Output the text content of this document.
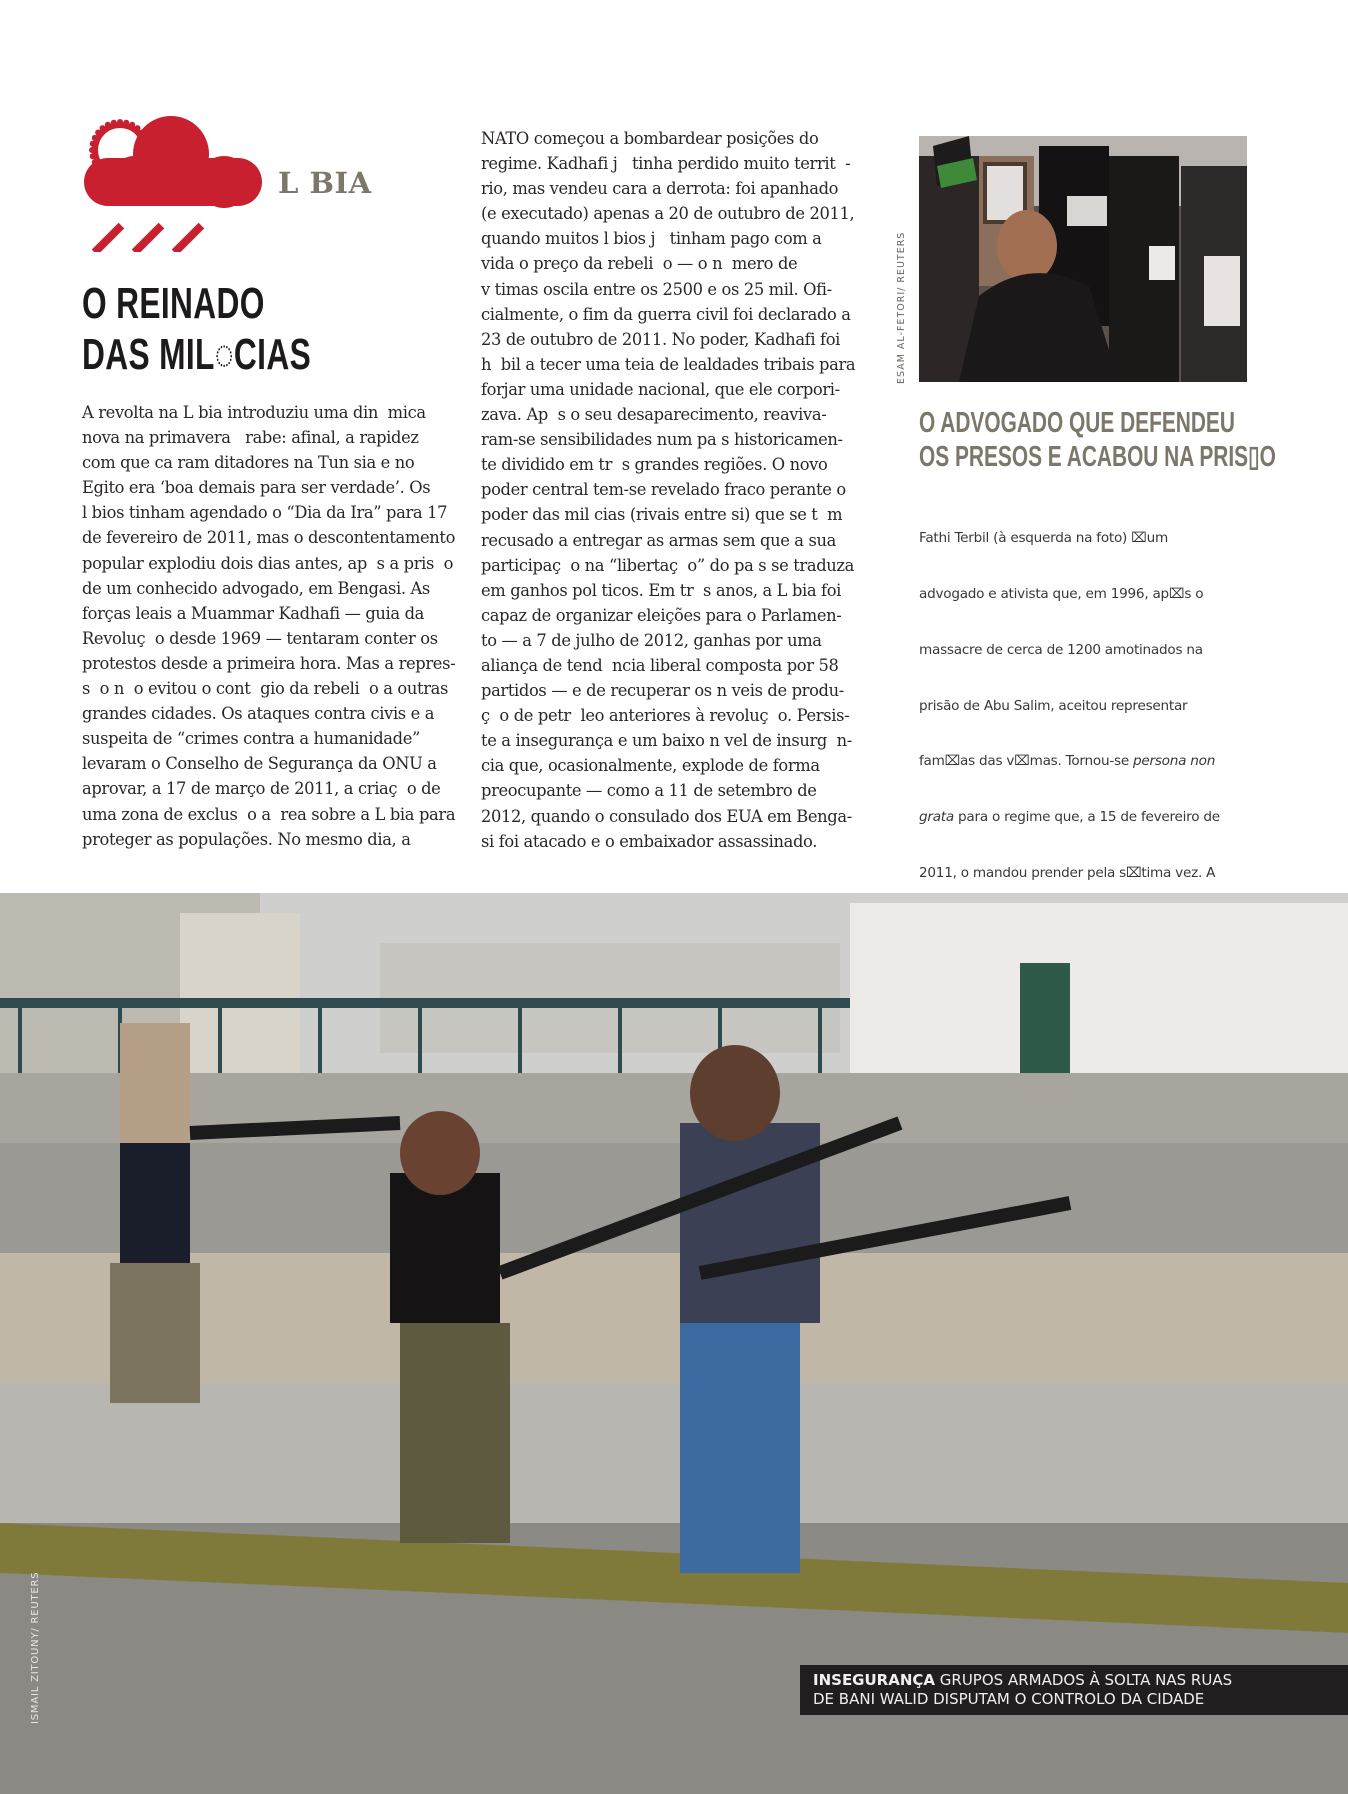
L BIA
O REINADO
DAS MIL◌CIAS
A revolta na L bia introduziu uma din  mica
nova na primavera   rabe: afinal, a rapidez
com que ca ram ditadores na Tun sia e no
Egito era ‘boa demais para ser verdade’. Os
l bios tinham agendado o “Dia da Ira” para 17
de fevereiro de 2011, mas o descontentamento
popular explodiu dois dias antes, ap  s a pris  o
de um conhecido advogado, em Bengasi. As
forças leais a Muammar Kadhafi — guia da
Revoluç  o desde 1969 — tentaram conter os
protestos desde a primeira hora. Mas a repres-
s  o n  o evitou o cont  gio da rebeli  o a outras
grandes cidades. Os ataques contra civis e a
suspeita de “crimes contra a humanidade”
levaram o Conselho de Segurança da ONU a
aprovar, a 17 de março de 2011, a criaç  o de
uma zona de exclus  o a  rea sobre a L bia para
proteger as populações. No mesmo dia, a
NATO começou a bombardear posições do
regime. Kadhafi j   tinha perdido muito territ  -
rio, mas vendeu cara a derrota: foi apanhado
(e executado) apenas a 20 de outubro de 2011,
quando muitos l bios j   tinham pago com a
vida o preço da rebeli  o — o n  mero de
v timas oscila entre os 2500 e os 25 mil. Ofi-
cialmente, o fim da guerra civil foi declarado a
23 de outubro de 2011. No poder, Kadhafi foi
h  bil a tecer uma teia de lealdades tribais para
forjar uma unidade nacional, que ele corpori-
zava. Ap  s o seu desaparecimento, reaviva-
ram-se sensibilidades num pa s historicamen-
te dividido em tr  s grandes regiões. O novo
poder central tem-se revelado fraco perante o
poder das mil cias (rivais entre si) que se t  m
recusado a entregar as armas sem que a sua
participaç  o na “libertaç  o” do pa s se traduza
em ganhos pol ticos. Em tr  s anos, a L bia foi
capaz de organizar eleições para o Parlamen-
to — a 7 de julho de 2012, ganhas por uma
aliança de tend  ncia liberal composta por 58
partidos — e de recuperar os n veis de produ-
ç  o de petr  leo anteriores à revoluç  o. Persis-
te a insegurança e um baixo n vel de insurg  n-
cia que, ocasionalmente, explode de forma
preocupante — como a 11 de setembro de
2012, quando o consulado dos EUA em Benga-
si foi atacado e o embaixador assassinado.
ESAM AL-FETORI/ REUTERS
O ADVOGADO QUE DEFENDEU
OS PRESOS E ACABOU NA PRIS▯O

Fathi Terbil (à esquerda na foto) ⌧um

advogado e ativista que, em 1996, ap⌧s o

massacre de cerca de 1200 amotinados na

prisão de Abu Salim, aceitou representar

fam⌧as das v⌧mas. Tornou-se persona non

grata para o regime que, a 15 de fevereiro de

2011, o mandou prender pela s⌧tima vez. A

ISMAIL ZITOUNY/ REUTERS	INSEGURANÇA GRUPOS ARMADOS À SOLTA NAS RUAS
DE BANI WALID DISPUTAM O CONTROLO DA CIDADE
